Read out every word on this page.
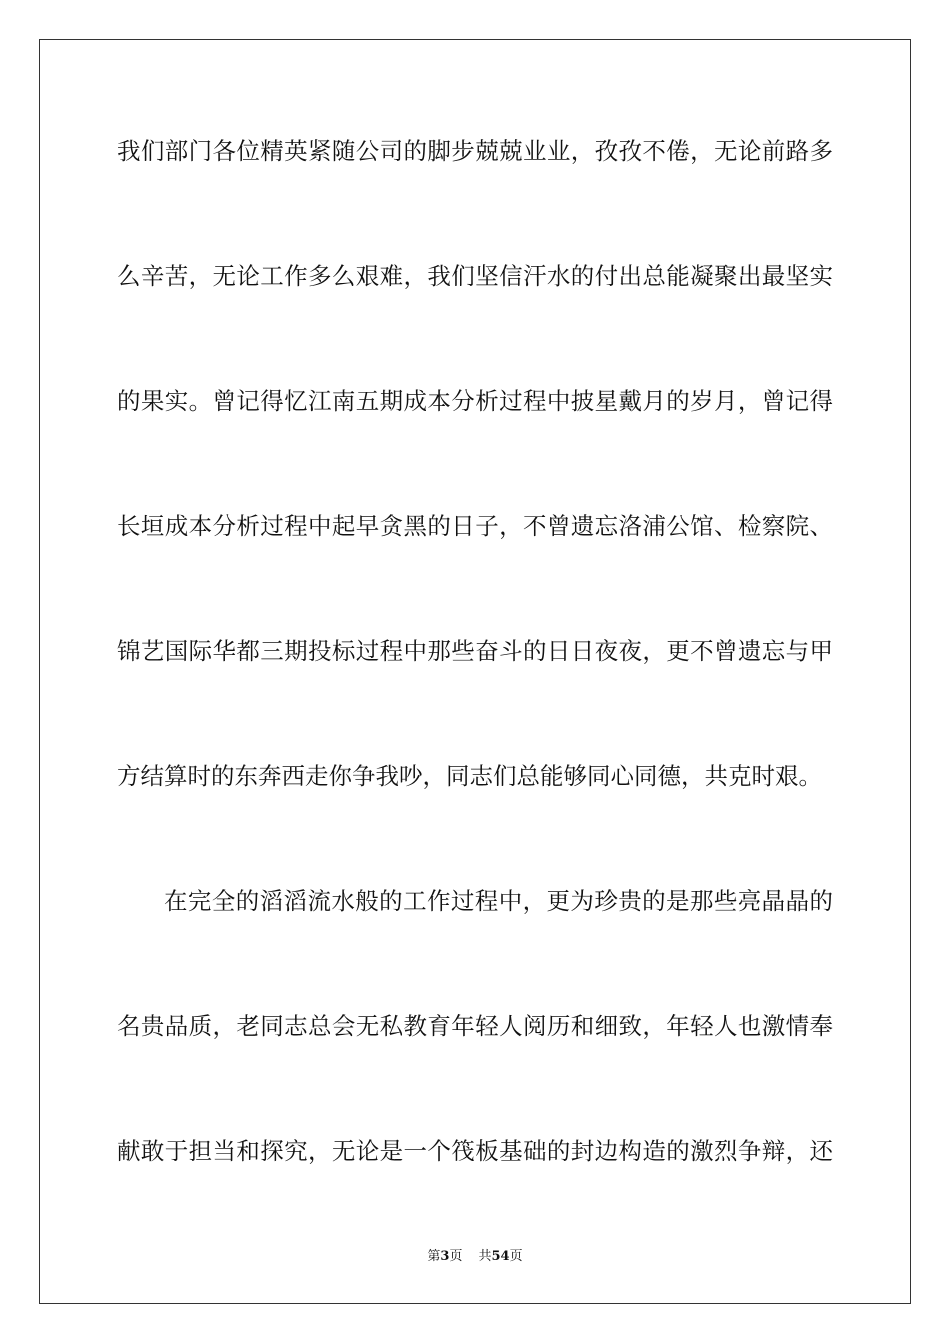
我们部门各位精英紧随公司的脚步兢兢业业，孜孜不倦，无论前路多
么辛苦，无论工作多么艰难，我们坚信汗水的付出总能凝聚出最坚实
的果实。曾记得忆江南五期成本分析过程中披星戴月的岁月，曾记得
长垣成本分析过程中起早贪黑的日子，不曾遗忘洛浦公馆、检察院、
锦艺国际华都三期投标过程中那些奋斗的日日夜夜，更不曾遗忘与甲
方结算时的东奔西走你争我吵，同志们总能够同心同德，共克时艰。
在完全的滔滔流水般的工作过程中，更为珍贵的是那些亮晶晶的
名贵品质，老同志总会无私教育年轻人阅历和细致，年轻人也激情奉
献敢于担当和探究，无论是一个筏板基础的封边构造的激烈争辩，还
第3页 共54页
